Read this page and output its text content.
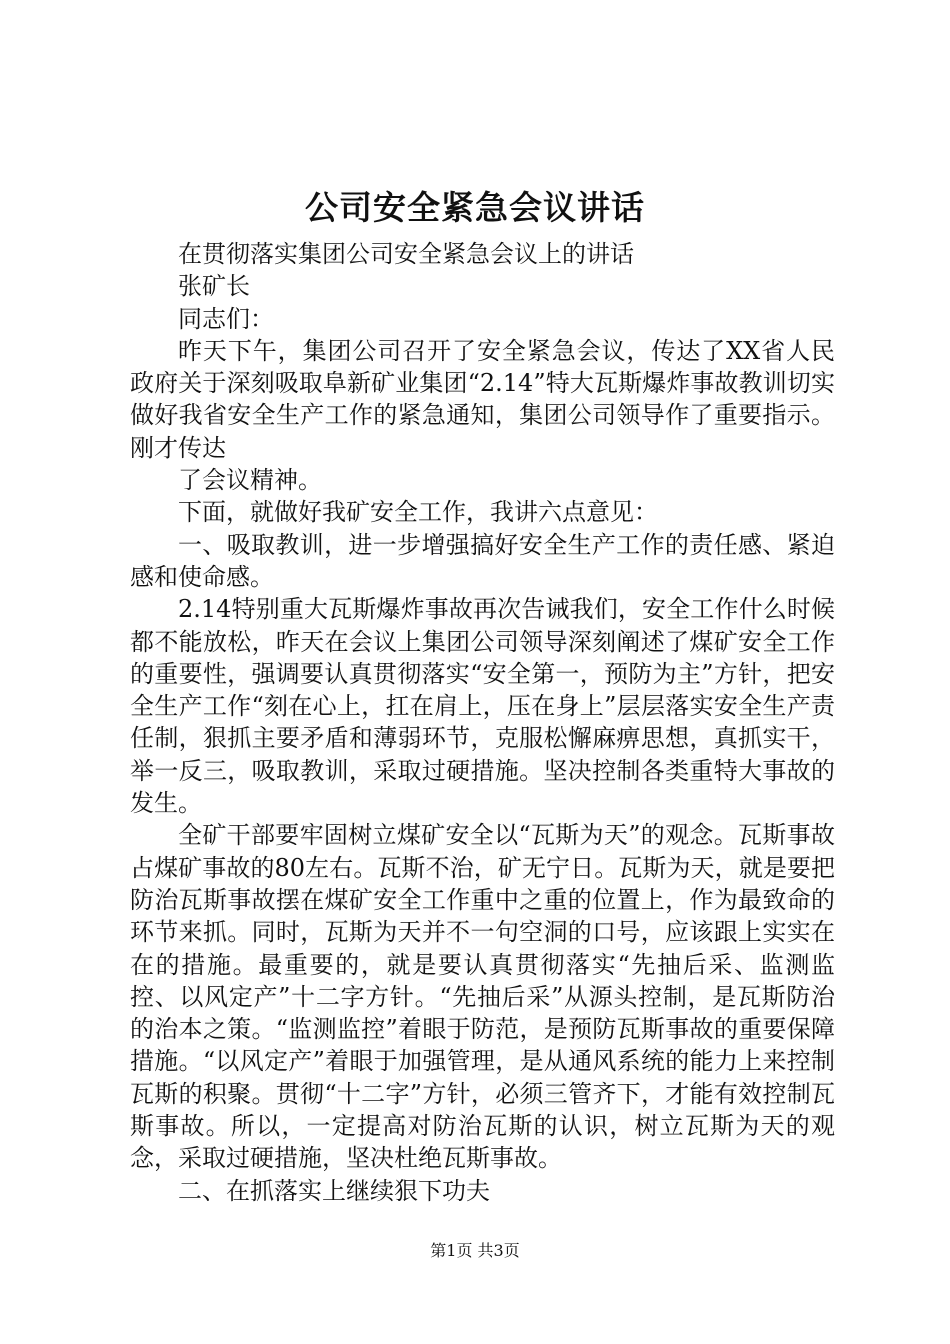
公司安全紧急会议讲话

在贯彻落实集团公司安全紧急会议上的讲话

张矿长

同志们：

昨天下午，集团公司召开了安全紧急会议，传达了XX省人民政府关于深刻吸取阜新矿业集团“2.14”特大瓦斯爆炸事故教训切实做好我省安全生产工作的紧急通知，集团公司领导作了重要指示。刚才传达

了会议精神。

下面，就做好我矿安全工作，我讲六点意见：

一、吸取教训，进一步增强搞好安全生产工作的责任感、紧迫感和使命感。

2.14特别重大瓦斯爆炸事故再次告诫我们，安全工作什么时候都不能放松，昨天在会议上集团公司领导深刻阐述了煤矿安全工作的重要性，强调要认真贯彻落实“安全第一，预防为主”方针，把安全生产工作“刻在心上，扛在肩上，压在身上”层层落实安全生产责任制，狠抓主要矛盾和薄弱环节，克服松懈麻痹思想，真抓实干，举一反三，吸取教训，采取过硬措施。坚决控制各类重特大事故的发生。

全矿干部要牢固树立煤矿安全以“瓦斯为天”的观念。瓦斯事故占煤矿事故的80左右。瓦斯不治，矿无宁日。瓦斯为天，就是要把防治瓦斯事故摆在煤矿安全工作重中之重的位置上，作为最致命的环节来抓。同时，瓦斯为天并不一句空洞的口号，应该跟上实实在在的措施。最重要的，就是要认真贯彻落实“先抽后采、监测监控、以风定产”十二字方针。“先抽后采”从源头控制，是瓦斯防治的治本之策。“监测监控”着眼于防范，是预防瓦斯事故的重要保障措施。“以风定产”着眼于加强管理，是从通风系统的能力上来控制瓦斯的积聚。贯彻“十二字”方针，必须三管齐下，才能有效控制瓦斯事故。所以，一定提高对防治瓦斯的认识，树立瓦斯为天的观念，采取过硬措施，坚决杜绝瓦斯事故。

二、在抓落实上继续狠下功夫

第1页 共3页
